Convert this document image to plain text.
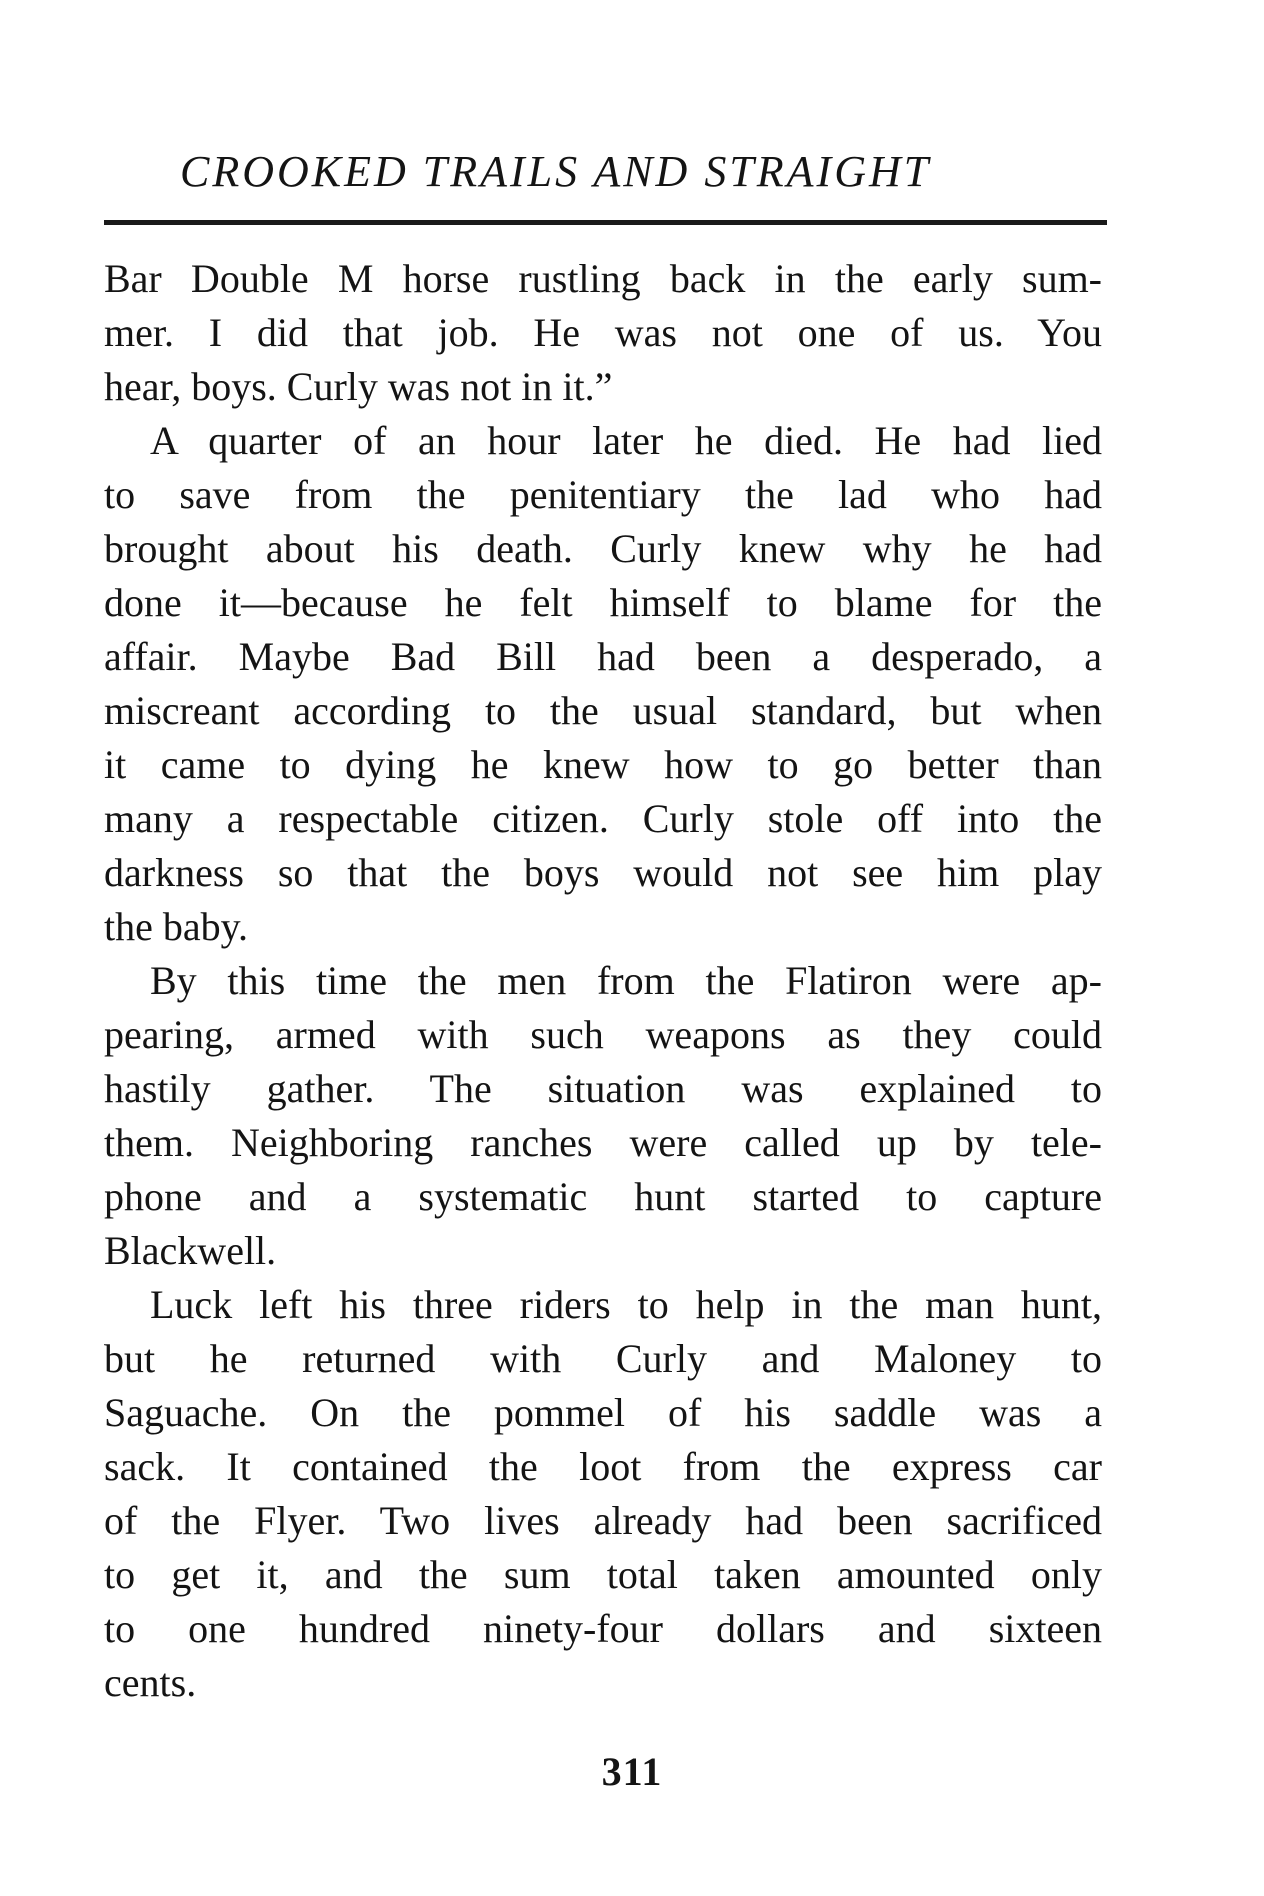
CROOKED TRAILS AND STRAIGHT
Bar Double M horse rustling back in the early sum-
mer. I did that job. He was not one of us. You
hear, boys. Curly was not in it.”
A quarter of an hour later he died. He had lied
to save from the penitentiary the lad who had
brought about his death. Curly knew why he had
done it—because he felt himself to blame for the
affair. Maybe Bad Bill had been a desperado, a
miscreant according to the usual standard, but when
it came to dying he knew how to go better than
many a respectable citizen. Curly stole off into the
darkness so that the boys would not see him play
the baby.
By this time the men from the Flatiron were ap-
pearing, armed with such weapons as they could
hastily gather. The situation was explained to
them. Neighboring ranches were called up by tele-
phone and a systematic hunt started to capture
Blackwell.
Luck left his three riders to help in the man hunt,
but he returned with Curly and Maloney to
Saguache. On the pommel of his saddle was a
sack. It contained the loot from the express car
of the Flyer. Two lives already had been sacrificed
to get it, and the sum total taken amounted only
to one hundred ninety-four dollars and sixteen
cents.
311
